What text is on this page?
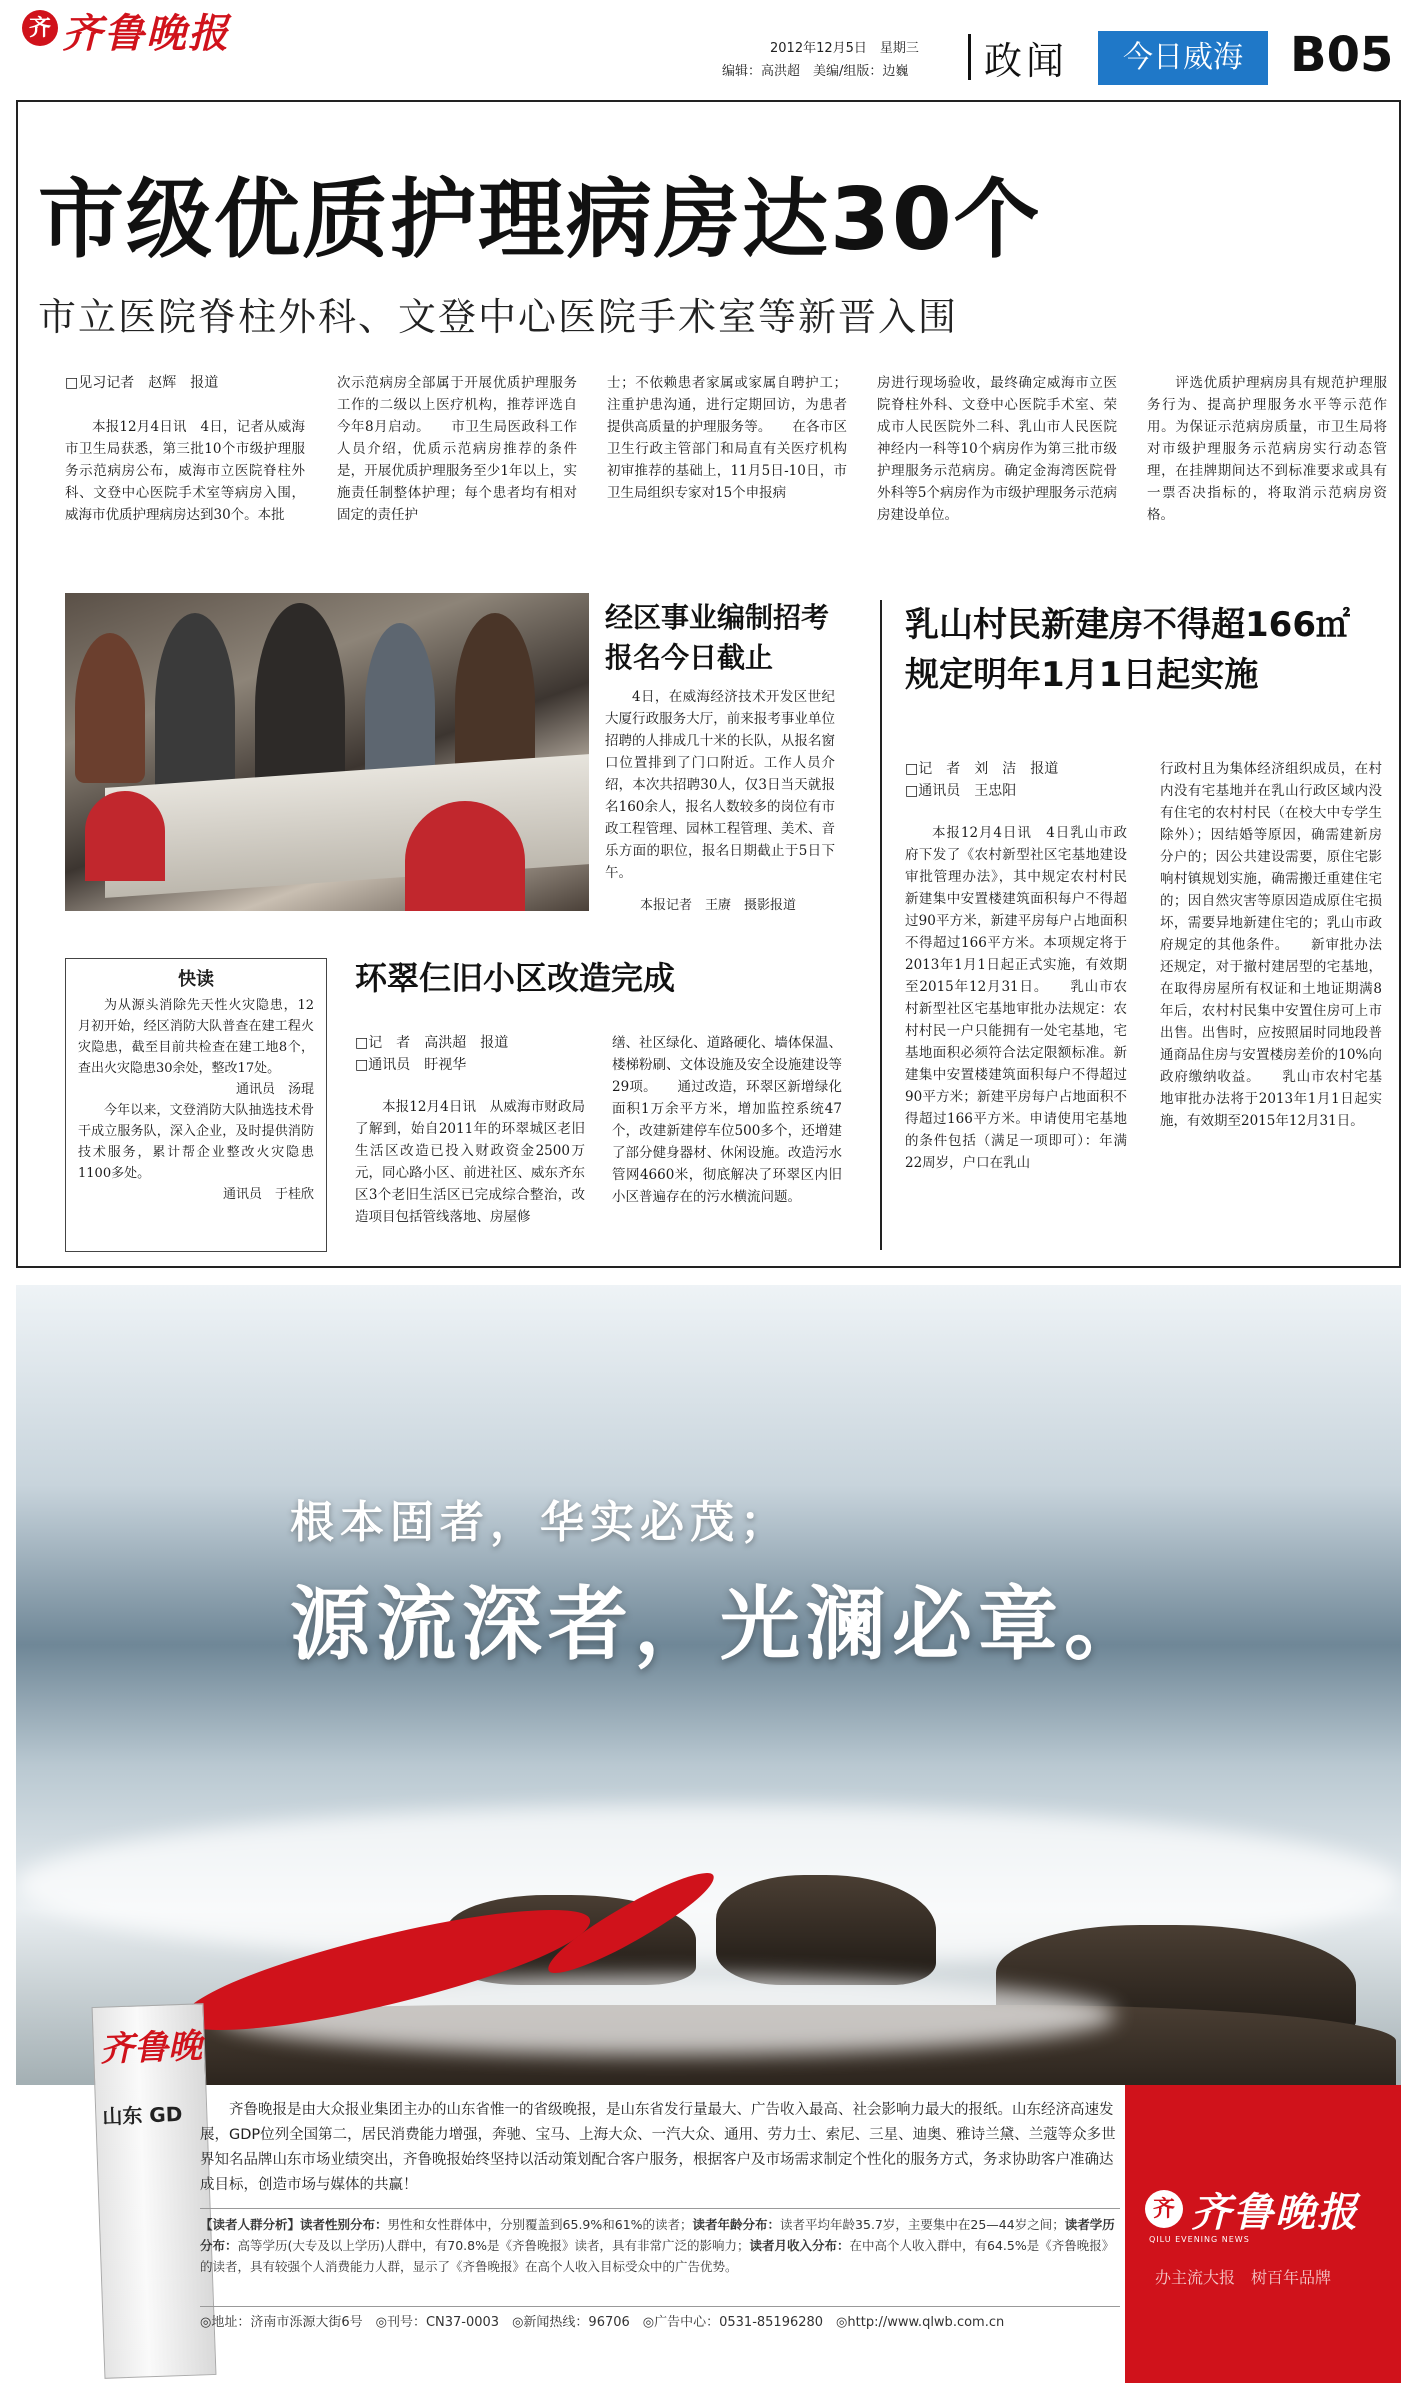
齐 齐鲁晚报	2012年12月5日　星期三
编辑：高洪超　美编/组版：边巍 政闻	今日威海 B05
市级优质护理病房达30个
市立医院脊柱外科、文登中心医院手术室等新晋入围
□见习记者　赵辉　报道
本报12月4日讯　4日，记者从威海市卫生局获悉，第三批10个市级护理服务示范病房公布，威海市立医院脊柱外科、文登中心医院手术室等病房入围，威海市优质护理病房达到30个。本批
次示范病房全部属于开展优质护理服务工作的二级以上医疗机构，推荐评选自今年8月启动。　　市卫生局医政科工作人员介绍，优质示范病房推荐的条件是，开展优质护理服务至少1年以上，实施责任制整体护理；每个患者均有相对固定的责任护
士；不依赖患者家属或家属自聘护工；注重护患沟通，进行定期回访，为患者提供高质量的护理服务等。　　在各市区卫生行政主管部门和局直有关医疗机构初审推荐的基础上，11月5日-10日，市卫生局组织专家对15个申报病
房进行现场验收，最终确定威海市立医院脊柱外科、文登中心医院手术室、荣成市人民医院外二科、乳山市人民医院神经内一科等10个病房作为第三批市级护理服务示范病房。确定金海湾医院骨外科等5个病房作为市级护理服务示范病房建设单位。
　　评选优质护理病房具有规范护理服务行为、提高护理服务水平等示范作用。为保证示范病房质量，市卫生局将对市级护理服务示范病房实行动态管理，在挂牌期间达不到标准要求或具有一票否决指标的，将取消示范病房资格。
经区事业编制招考
报名今日截止
4日，在威海经济技术开发区世纪大厦行政服务大厅，前来报考事业单位招聘的人排成几十米的长队，从报名窗口位置排到了门口附近。工作人员介绍，本次共招聘30人，仅3日当天就报名160余人，报名人数较多的岗位有市政工程管理、园林工程管理、美术、音乐方面的职位，报名日期截止于5日下午。
本报记者　王赓　摄影报道
乳山村民新建房不得超166㎡
规定明年1月1日起实施
□记　者　刘　洁　报道
□通讯员　王忠阳
本报12月4日讯　4日乳山市政府下发了《农村新型社区宅基地建设审批管理办法》，其中规定农村村民新建集中安置楼建筑面积每户不得超过90平方米，新建平房每户占地面积不得超过166平方米。本项规定将于2013年1月1日起正式实施，有效期至2015年12月31日。　　乳山市农村新型社区宅基地审批办法规定：农村村民一户只能拥有一处宅基地，宅基地面积必须符合法定限额标准。新建集中安置楼建筑面积每户不得超过90平方米；新建平房每户占地面积不得超过166平方米。申请使用宅基地的条件包括（满足一项即可）：年满22周岁，户口在乳山
行政村且为集体经济组织成员，在村内没有宅基地并在乳山行政区域内没有住宅的农村村民（在校大中专学生除外）；因结婚等原因，确需建新房分户的；因公共建设需要，原住宅影响村镇规划实施，确需搬迁重建住宅的；因自然灾害等原因造成原住宅损坏，需要异地新建住宅的；乳山市政府规定的其他条件。　　新审批办法还规定，对于撤村建居型的宅基地，在取得房屋所有权证和土地证期满8年后，农村村民集中安置住房可上市出售。出售时，应按照届时同地段普通商品住房与安置楼房差价的10%向政府缴纳收益。　　乳山市农村宅基地审批办法将于2013年1月1日起实施，有效期至2015年12月31日。
快读
为从源头消除先天性火灾隐患，12月初开始，经区消防大队普查在建工程火灾隐患，截至目前共检查在建工地8个，查出火灾隐患30余处，整改17处。
通讯员　汤琨
今年以来，文登消防大队抽选技术骨干成立服务队，深入企业，及时提供消防技术服务，累计帮企业整改火灾隐患1100多处。
通讯员　于桂欣
环翠仨旧小区改造完成
□记　者　高洪超　报道
□通讯员　盱视华
本报12月4日讯　从威海市财政局了解到，始自2011年的环翠城区老旧生活区改造已投入财政资金2500万元，同心路小区、前进社区、威东齐东区3个老旧生活区已完成综合整治，改造项目包括管线落地、房屋修
缮、社区绿化、道路硬化、墙体保温、楼梯粉刷、文体设施及安全设施建设等29项。　　通过改造，环翠区新增绿化面积1万余平方米，增加监控系统47个，改建新建停车位500多个，还增建了部分健身器材、休闲设施。改造污水管网4660米，彻底解决了环翠区内旧小区普遍存在的污水横流问题。
根本固者，华实必茂；
源流深者，光澜必章。
齐鲁晚
山东 GD	齐鲁晚报是由大众报业集团主办的山东省惟一的省级晚报，是山东省发行量最大、广告收入最高、社会影响力最大的报纸。山东经济高速发展，GDP位列全国第二，居民消费能力增强，奔驰、宝马、上海大众、一汽大众、通用、劳力士、索尼、三星、迪奥、雅诗兰黛、兰蔻等众多世界知名品牌山东市场业绩突出，齐鲁晚报始终坚持以活动策划配合客户服务，根据客户及市场需求制定个性化的服务方式，务求协助客户准确达成目标，创造市场与媒体的共赢！
【读者人群分析】读者性别分布：男性和女性群体中，分别覆盖到65.9%和61%的读者；读者年龄分布：读者平均年龄35.7岁，主要集中在25—44岁之间；读者学历分布：高等学历(大专及以上学历)人群中，有70.8%是《齐鲁晚报》读者，具有非常广泛的影响力；读者月收入分布：在中高个人收入群中，有64.5%是《齐鲁晚报》的读者，具有较强个人消费能力人群，显示了《齐鲁晚报》在高个人收入目标受众中的广告优势。
◎地址：济南市泺源大街6号　◎刊号：CN37-0003　◎新闻热线：96706　◎广告中心：0531-85196280　◎http://www.qlwb.com.cn
齐 齐鲁晚报
QILU EVENING NEWS
办主流大报　树百年品牌
